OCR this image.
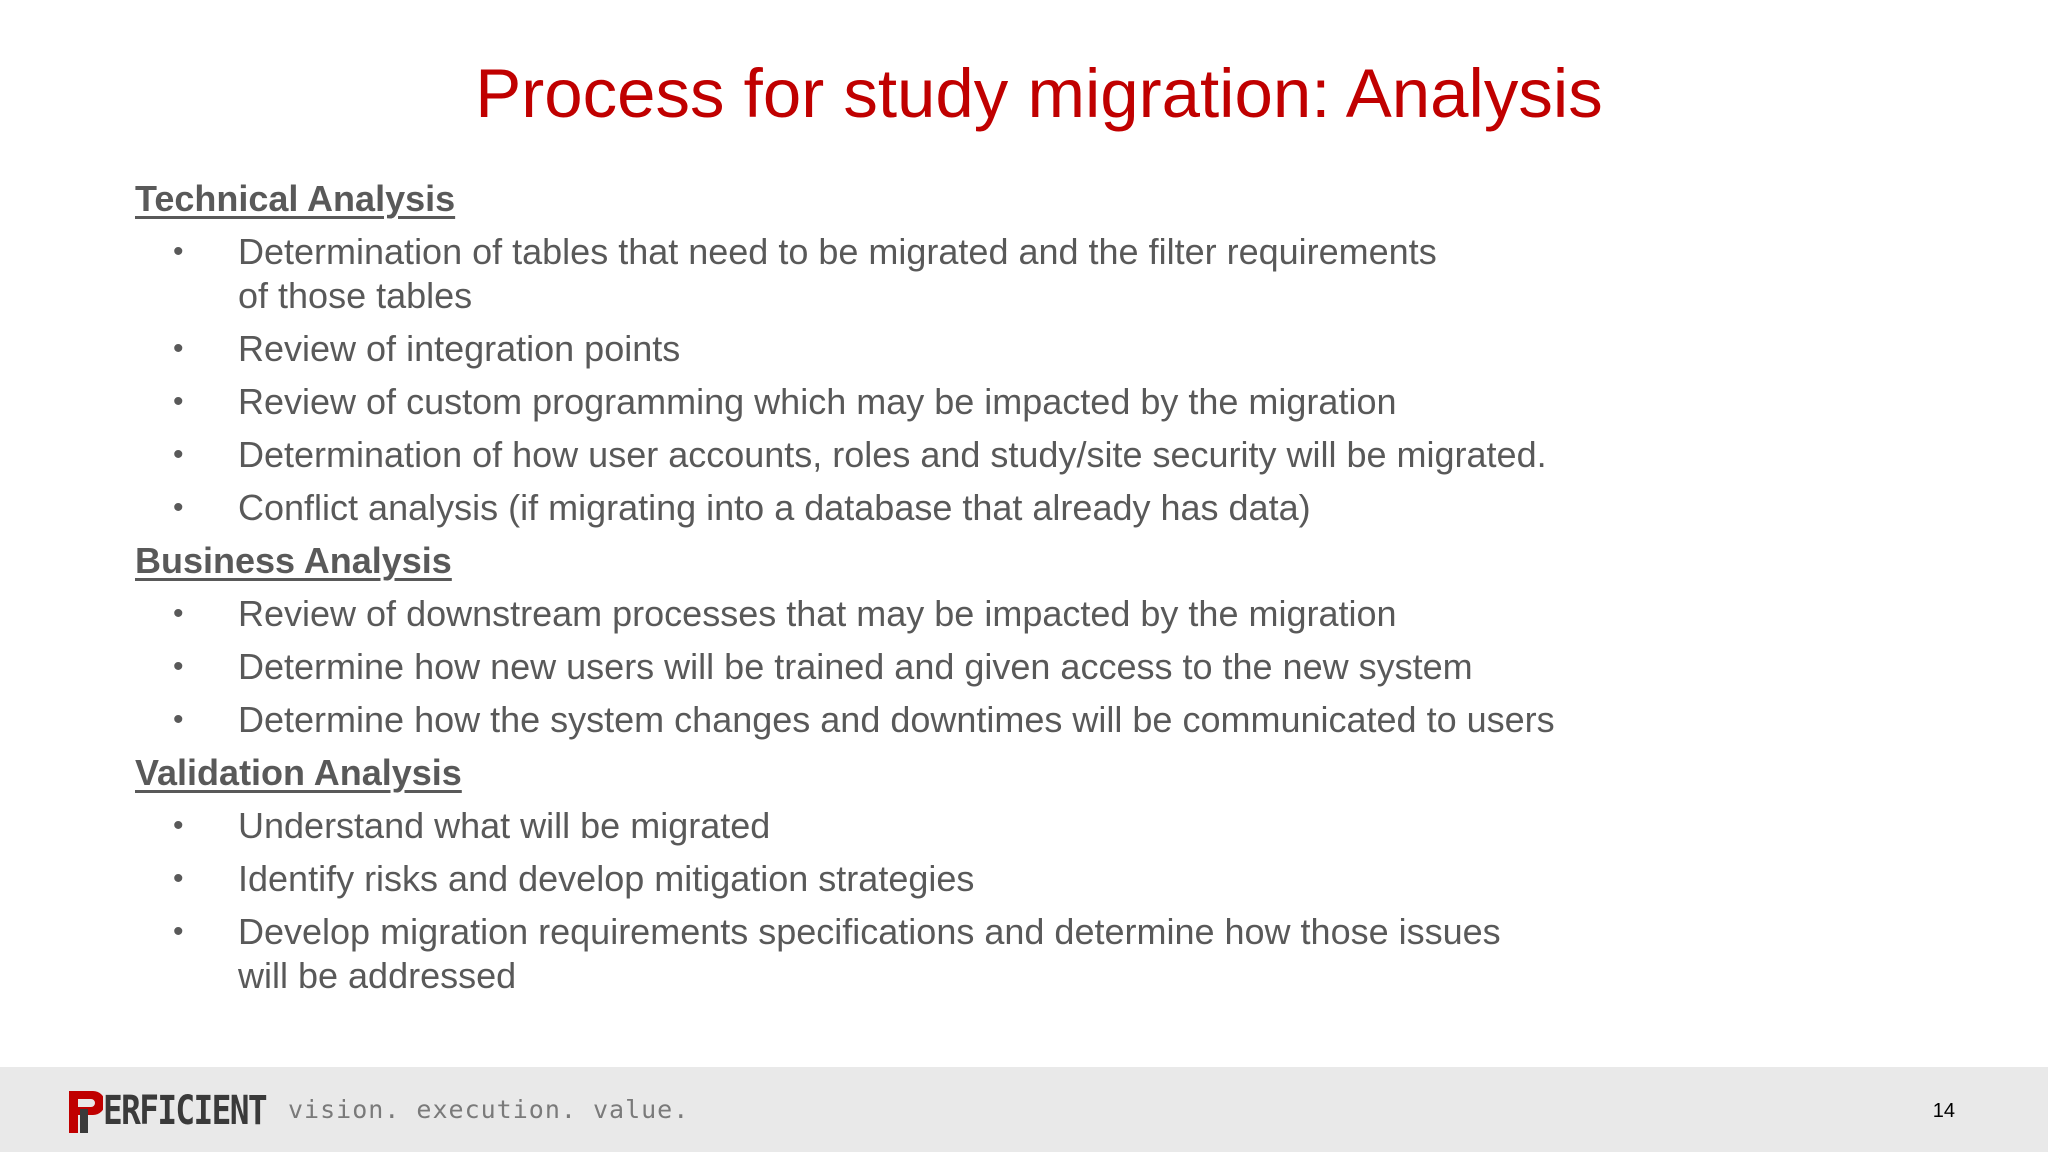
Process for study migration: Analysis
Technical Analysis
• Determination of tables that need to be migrated and the filter requirements
of those tables
• Review of integration points
• Review of custom programming which may be impacted by the migration
• Determination of how user accounts, roles and study/site security will be migrated.
• Conflict analysis (if migrating into a database that already has data)
Business Analysis
• Review of downstream processes that may be impacted by the migration
• Determine how new users will be trained and given access to the new system
• Determine how the system changes and downtimes will be communicated to users
Validation Analysis
• Understand what will be migrated
• Identify risks and develop mitigation strategies
• Develop migration requirements specifications and determine how those issues
will be addressed
ERFICIENT vision. execution. value.	14
